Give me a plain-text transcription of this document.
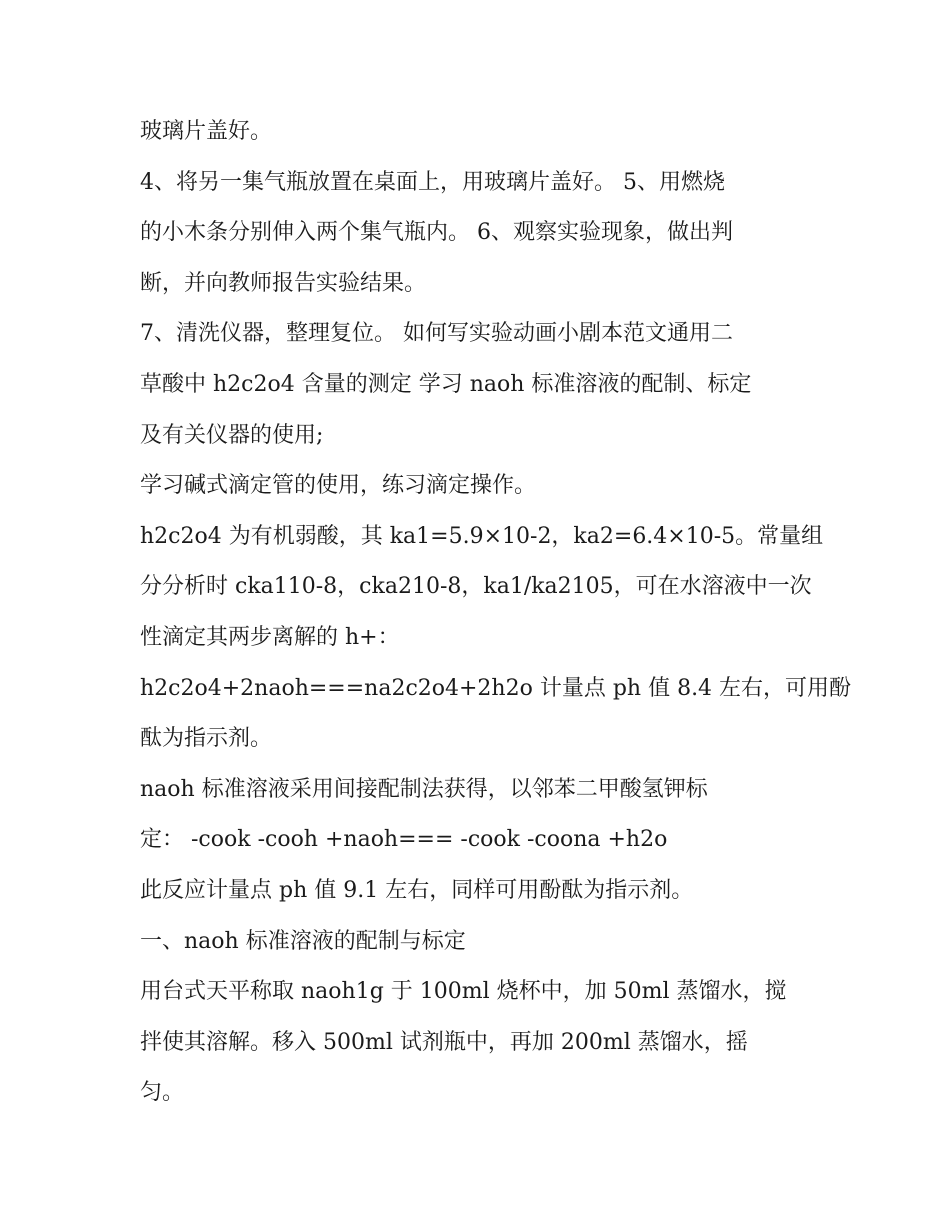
玻璃片盖好。
4、将另一集气瓶放置在桌面上，用玻璃片盖好。 5、用燃烧
的小木条分别伸入两个集气瓶内。 6、观察实验现象，做出判
断，并向教师报告实验结果。
7、清洗仪器，整理复位。 如何写实验动画小剧本范文通用二
草酸中 h2c2o4 含量的测定 学习 naoh 标准溶液的配制、标定
及有关仪器的使用;
学习碱式滴定管的使用，练习滴定操作。
h2c2o4 为有机弱酸，其 ka1=5.9×10-2，ka2=6.4×10-5。常量组
分分析时 cka110-8，cka210-8，ka1/ka2105，可在水溶液中一次
性滴定其两步离解的 h+：
h2c2o4+2naoh===na2c2o4+2h2o 计量点 ph 值 8.4 左右，可用酚
酞为指示剂。
naoh 标准溶液采用间接配制法获得，以邻苯二甲酸氢钾标
定： -cook -cooh +naoh=== -cook -coona +h2o
此反应计量点 ph 值 9.1 左右，同样可用酚酞为指示剂。
一、naoh 标准溶液的配制与标定
用台式天平称取 naoh1g 于 100ml 烧杯中，加 50ml 蒸馏水，搅
拌使其溶解。移入 500ml 试剂瓶中，再加 200ml 蒸馏水，摇
匀。
